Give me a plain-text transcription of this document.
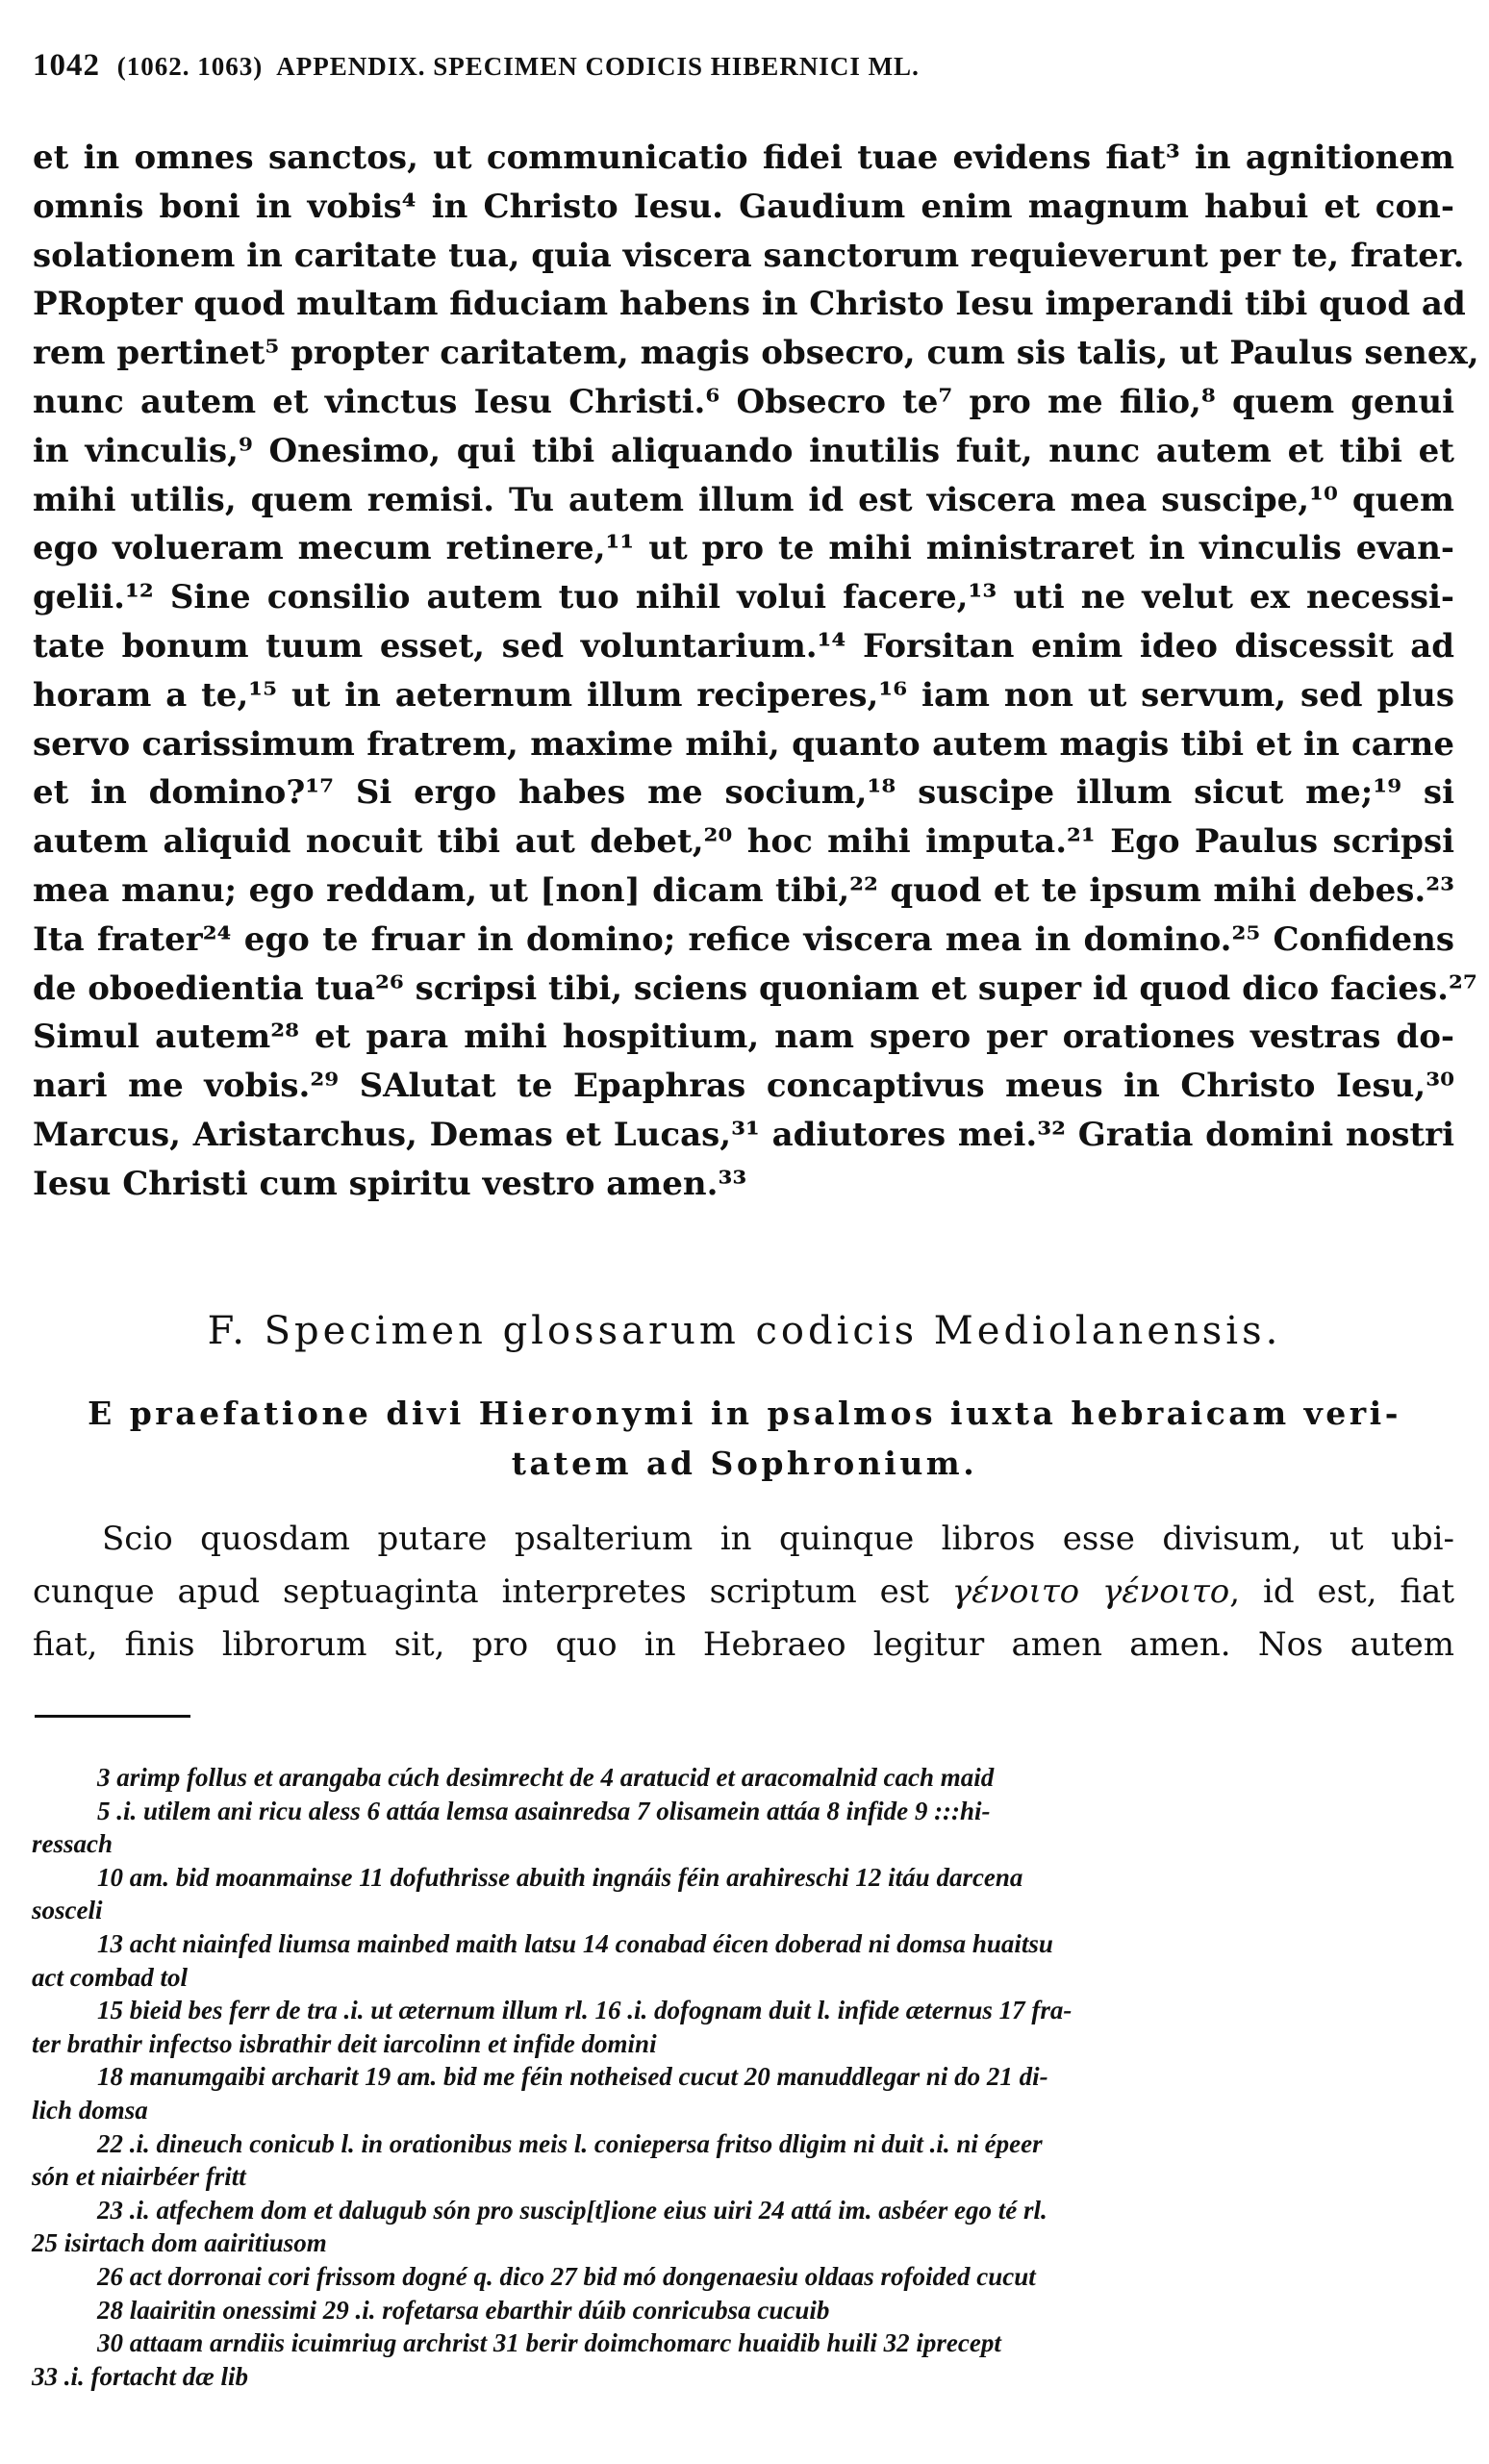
1042 (1062. 1063) APPENDIX. SPECIMEN CODICIS HIBERNICI ML.
et in omnes sanctos, ut communicatio fidei tuae evidens fiat³ in agnitionem
omnis boni in vobis⁴ in Christo Iesu. Gaudium enim magnum habui et con-
solationem in caritate tua, quia viscera sanctorum requieverunt per te, frater.
PRopter quod multam fiduciam habens in Christo Iesu imperandi tibi quod ad
rem pertinet⁵ propter caritatem, magis obsecro, cum sis talis, ut Paulus senex,
nunc autem et vinctus Iesu Christi.⁶ Obsecro te⁷ pro me filio,⁸ quem genui
in vinculis,⁹ Onesimo, qui tibi aliquando inutilis fuit, nunc autem et tibi et
mihi utilis, quem remisi. Tu autem illum id est viscera mea suscipe,¹⁰ quem
ego volueram mecum retinere,¹¹ ut pro te mihi ministraret in vinculis evan-
gelii.¹² Sine consilio autem tuo nihil volui facere,¹³ uti ne velut ex necessi-
tate bonum tuum esset, sed voluntarium.¹⁴ Forsitan enim ideo discessit ad
horam a te,¹⁵ ut in aeternum illum reciperes,¹⁶ iam non ut servum, sed plus
servo carissimum fratrem, maxime mihi, quanto autem magis tibi et in carne
et in domino?¹⁷ Si ergo habes me socium,¹⁸ suscipe illum sicut me;¹⁹ si
autem aliquid nocuit tibi aut debet,²⁰ hoc mihi imputa.²¹ Ego Paulus scripsi
mea manu; ego reddam, ut [non] dicam tibi,²² quod et te ipsum mihi debes.²³
Ita frater²⁴ ego te fruar in domino; refice viscera mea in domino.²⁵ Confidens
de oboedientia tua²⁶ scripsi tibi, sciens quoniam et super id quod dico facies.²⁷
Simul autem²⁸ et para mihi hospitium, nam spero per orationes vestras do-
nari me vobis.²⁹ SAlutat te Epaphras concaptivus meus in Christo Iesu,³⁰
Marcus, Aristarchus, Demas et Lucas,³¹ adiutores mei.³² Gratia domini nostri
Iesu Christi cum spiritu vestro amen.³³
F. Specimen glossarum codicis Mediolanensis.
E praefatione divi Hieronymi in psalmos iuxta hebraicam veri-
tatem ad Sophronium.
Scio quosdam putare psalterium in quinque libros esse divisum, ut ubi-
cunque apud septuaginta interpretes scriptum est γένοιτο γένοιτο, id est, fiat
fiat, finis librorum sit, pro quo in Hebraeo legitur amen amen. Nos autem
3 arimp follus et arangaba cúch desimrecht de 4 aratucid et aracomalnid cach maid
5 .i. utilem ani ricu aless 6 attáa lemsa asainredsa 7 olisamein attáa 8 infide 9 :::hi-
ressach
10 am. bid moanmainse 11 dofuthrisse abuith ingnáis féin arahireschi 12 itáu darcena
sosceli
13 acht niainfed liumsa mainbed maith latsu 14 conabad éicen doberad ni domsa huaitsu
act combad tol
15 bieid bes ferr de tra .i. ut æternum illum rl. 16 .i. dofognam duit l. infide æternus 17 fra-
ter brathir infectso isbrathir deit iarcolinn et infide domini
18 manumgaibi archarit 19 am. bid me féin notheised cucut 20 manuddlegar ni do 21 di-
lich domsa
22 .i. dineuch conicub l. in orationibus meis l. coniepersa fritso dligim ni duit .i. ni épeer
són et niairbéer fritt
23 .i. atfechem dom et dalugub són pro suscip[t]ione eius uiri 24 attá im. asbéer ego té rl.
25 isirtach dom aairitiusom
26 act dorronai cori frissom dogné q. dico 27 bid mó dongenaesiu oldaas rofoided cucut
28 laairitin onessimi 29 .i. rofetarsa ebarthir dúib conricubsa cucuib
30 attaam arndiis icuimriug archrist 31 berir doimchomarc huaidib huili 32 iprecept
33 .i. fortacht dæ lib
